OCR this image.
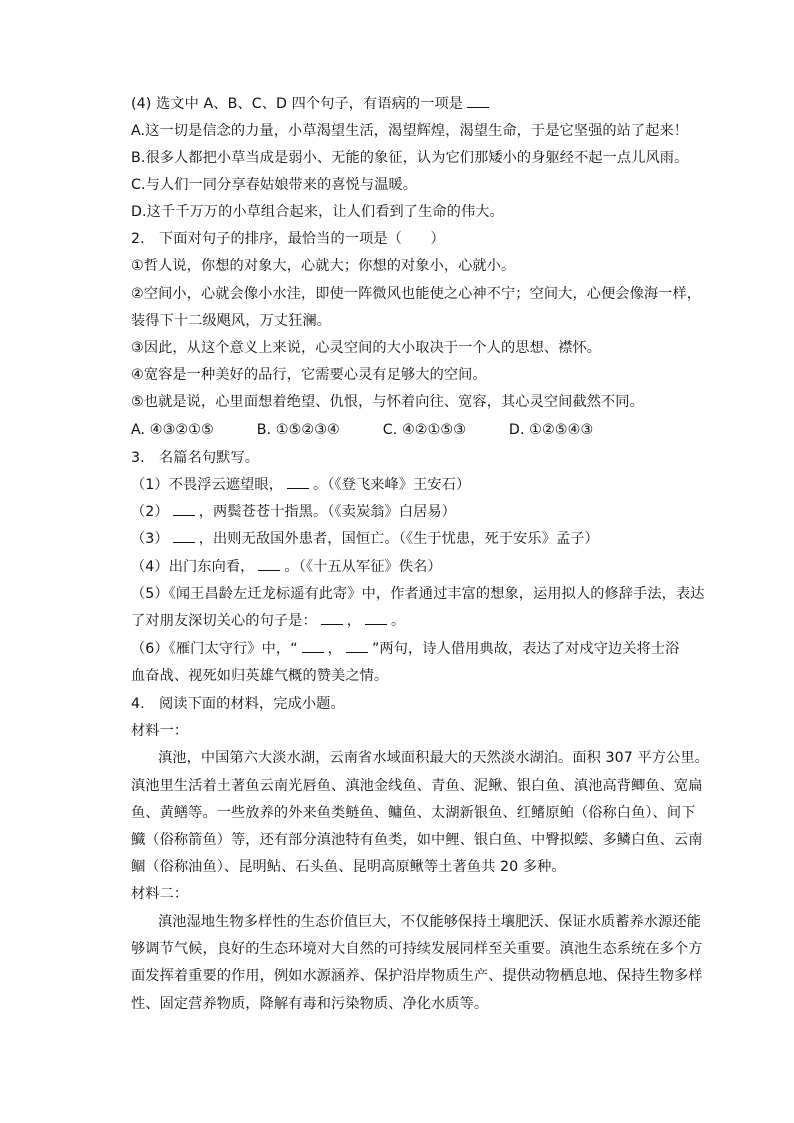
(4) 选文中 A、B、C、D 四个句子，有语病的一项是
A.这一切是信念的力量，小草渴望生活，渴望辉煌，渴望生命，于是它坚强的站了起来！
B.很多人都把小草当成是弱小、无能的象征，认为它们那矮小的身躯经不起一点儿风雨。
C.与人们一同分享春姑娘带来的喜悦与温暖。
D.这千千万万的小草组合起来，让人们看到了生命的伟大。
2.　下面对句子的排序，最恰当的一项是（　　）
①哲人说，你想的对象大，心就大；你想的对象小，心就小。
②空间小，心就会像小水洼，即使一阵微风也能使之心神不宁；空间大，心便会像海一样，
装得下十二级飓风，万丈狂澜。
③因此，从这个意义上来说，心灵空间的大小取决于一个人的思想、襟怀。
④宽容是一种美好的品行，它需要心灵有足够大的空间。
⑤也就是说，心里面想着绝望、仇恨，与怀着向往、宽容，其心灵空间截然不同。
A. ④③②①⑤　　　B. ①⑤②③④　　　C. ④②①⑤③　　　D. ①②⑤④③
3.　名篇名句默写。
（1）不畏浮云遮望眼， 。（《登飞来峰》王安石）
（2） ，两鬓苍苍十指黑。（《卖炭翁》白居易）
（3） ，出则无敌国外患者，国恒亡。（《生于忧患，死于安乐》孟子）
（4）出门东向看， 。（《十五从军征》佚名）
（5）《闻王昌龄左迁龙标遥有此寄》中，作者通过丰富的想象，运用拟人的修辞手法，表达
了对朋友深切关心的句子是： ， 。
（6）《雁门太守行》中，“ ， ”两句，诗人借用典故，表达了对戍守边关将士浴
血奋战、视死如归英雄气概的赞美之情。
4.　阅读下面的材料，完成小题。
材料一：
滇池，中国第六大淡水湖，云南省水域面积最大的天然淡水湖泊。面积 307 平方公里。
滇池里生活着土著鱼云南光唇鱼、滇池金线鱼、青鱼、泥鳅、银白鱼、滇池高背鲫鱼、宽扁
鱼、黄鳝等。一些放养的外来鱼类鲢鱼、鳙鱼、太湖新银鱼、红鳍原鲌（俗称白鱼）、间下
鱵（俗称箭鱼）等，还有部分滇池特有鱼类，如中鲤、银白鱼、中臀拟鲿、多鳞白鱼、云南
鲴（俗称油鱼）、昆明鲇、石头鱼、昆明高原鳅等土著鱼共 20 多种。
材料二：
滇池湿地生物多样性的生态价值巨大，不仅能够保持土壤肥沃、保证水质蓄养水源还能
够调节气候，良好的生态环境对大自然的可持续发展同样至关重要。滇池生态系统在多个方
面发挥着重要的作用，例如水源涵养、保护沿岸物质生产、提供动物栖息地、保持生物多样
性、固定营养物质，降解有毒和污染物质、净化水质等。
